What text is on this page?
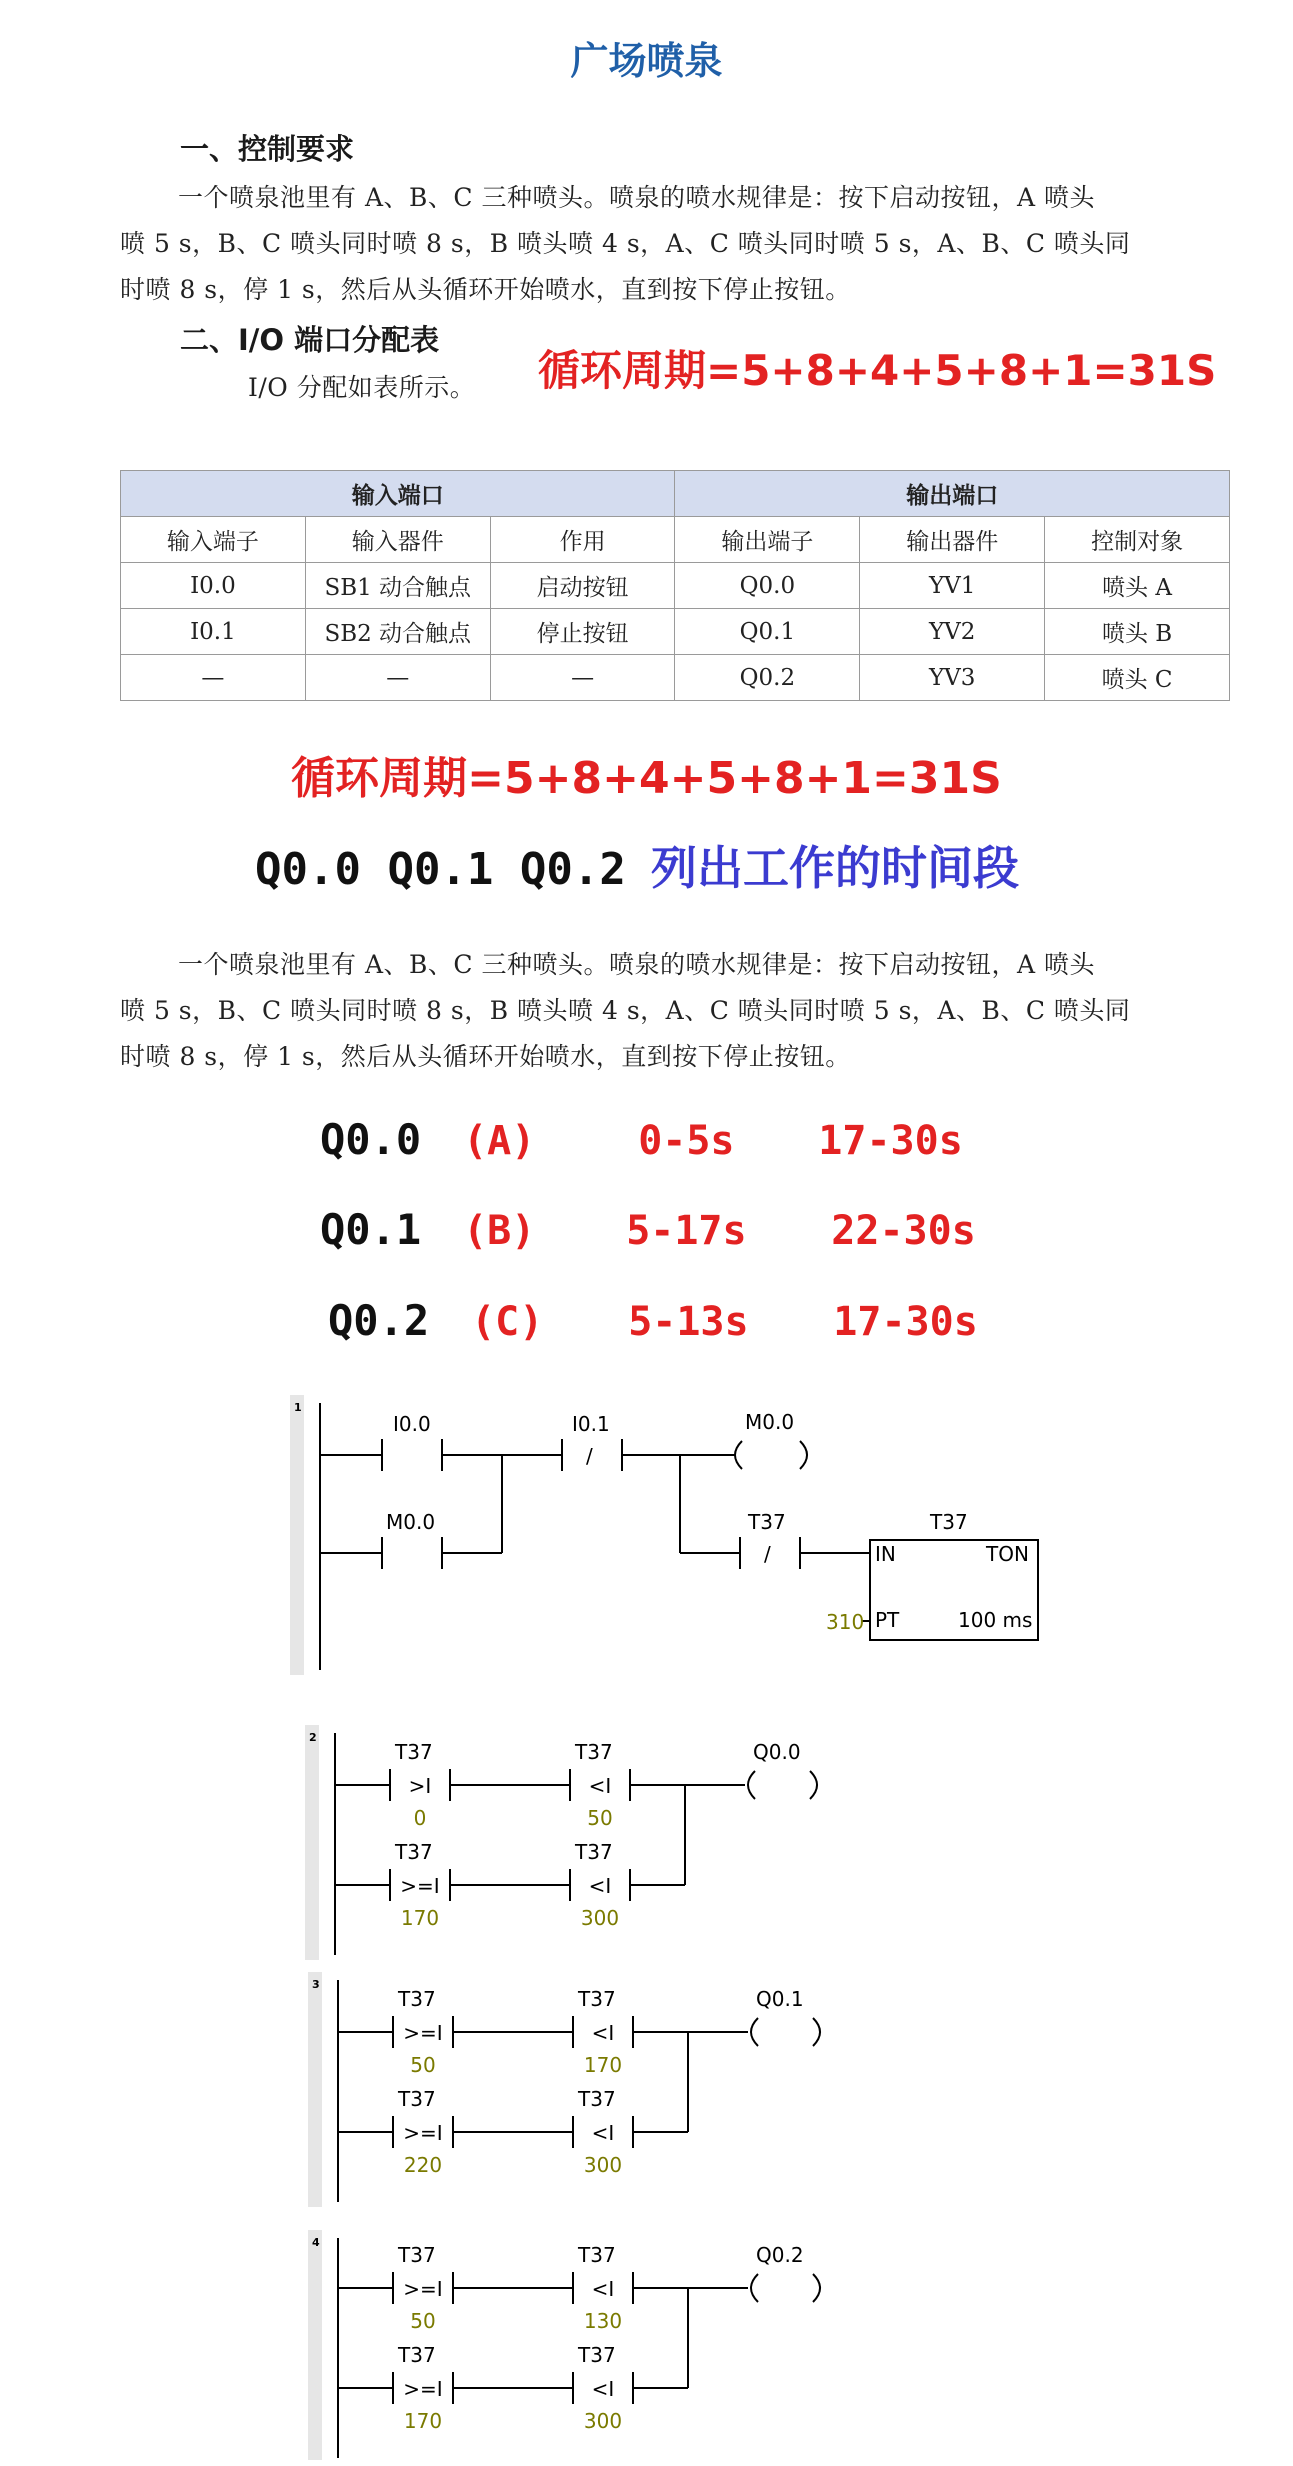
广场喷泉
一、控制要求
一个喷泉池里有 A、B、C 三种喷头。喷泉的喷水规律是：按下启动按钮，A 喷头
喷 5 s，B、C 喷头同时喷 8 s，B 喷头喷 4 s，A、C 喷头同时喷 5 s，A、B、C 喷头同
时喷 8 s，停 1 s，然后从头循环开始喷水，直到按下停止按钮。
二、I/O 端口分配表
I/O 分配如表所示。 循环周期=5+8+4+5+8+1=31S
输入端口			输出端口		
输入端子	输入器件	作用	输出端子	输出器件	控制对象
I0.0	SB1 动合触点	启动按钮	Q0.0	YV1	喷头 A
I0.1	SB2 动合触点	停止按钮	Q0.1	YV2	喷头 B
—	—	—	Q0.2	YV3	喷头 C
循环周期=5+8+4+5+8+1=31S
Q0.0 Q0.1 Q0.2 列出工作的时间段
一个喷泉池里有 A、B、C 三种喷头。喷泉的喷水规律是：按下启动按钮，A 喷头
喷 5 s，B、C 喷头同时喷 8 s，B 喷头喷 4 s，A、C 喷头同时喷 5 s，A、B、C 喷头同
时喷 8 s，停 1 s，然后从头循环开始喷水，直到按下停止按钮。
Q0.0 (A)	0-5s 17-30s
Q0.1 (B) 5-17s 22-30s
Q0.2 (C) 5-13s 17-30s
1
I0.0	I0.1
/
M0.0
M0.0	T37
/
T37
IN	TON
PT	100 ms
310
2
T37
>I
0
T37
<I
50
T37
>=I
170
T37
<I
300
Q0.0
3
T37
>=I
50
T37
<I
170
T37
>=I
220
T37
<I
300
Q0.1
4
T37
>=I
50
T37
<I
130
T37
>=I
170
T37
<I
300
Q0.2
